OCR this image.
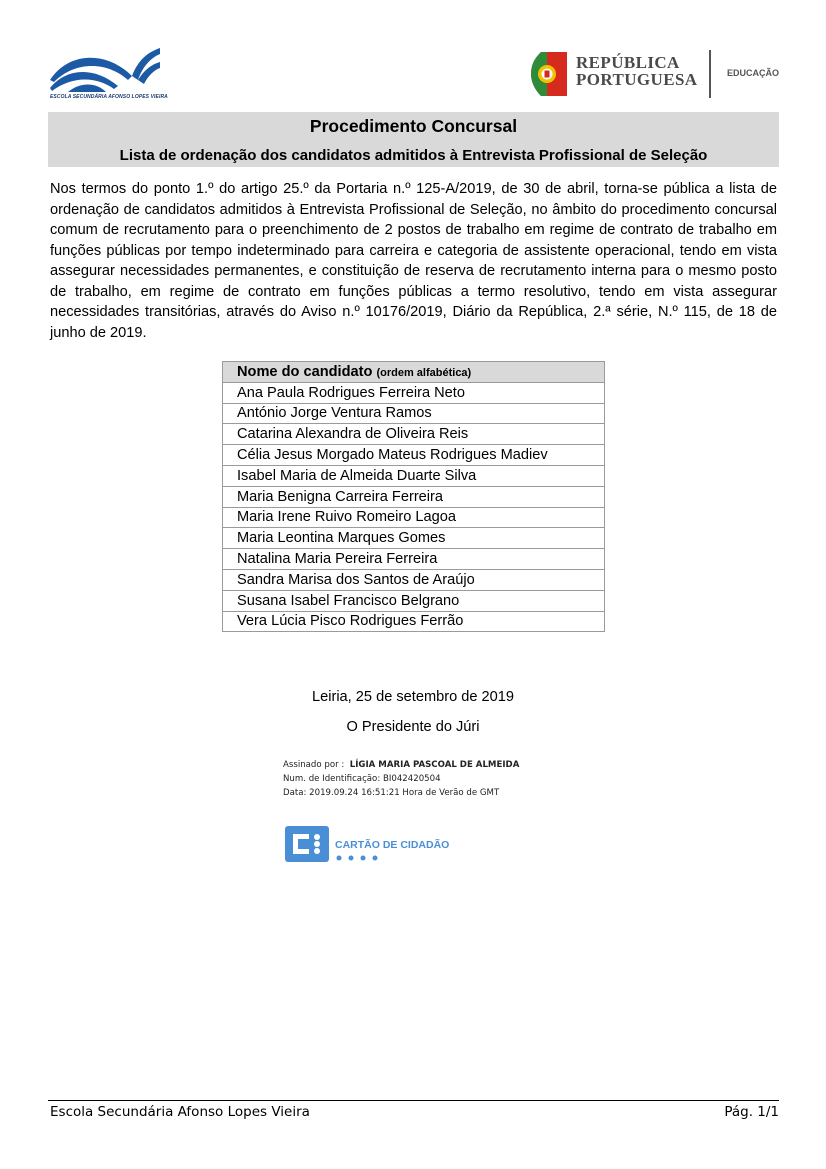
ESCOLA SECUNDÁRIA AFONSO LOPES VIEIRA
REPÚBLICA
PORTUGUESA	EDUCAÇÃO
Procedimento Concursal
Lista de ordenação dos candidatos admitidos à Entrevista Profissional de Seleção
Nos termos do ponto 1.º do artigo 25.º da Portaria n.º 125-A/2019, de 30 de abril, torna-se pública a lista de ordenação de candidatos admitidos à Entrevista Profissional de Seleção, no âmbito do procedimento concursal comum de recrutamento para o preenchimento de 2 postos de trabalho em regime de contrato de trabalho em funções públicas por tempo indeterminado para carreira e categoria de assistente operacional, tendo em vista assegurar necessidades permanentes, e constituição de reserva de recrutamento interna para o mesmo posto de trabalho, em regime de contrato em funções públicas a termo resolutivo, tendo em vista assegurar necessidades transitórias, através do Aviso n.º 10176/2019, Diário da República, 2.ª série, N.º 115, de 18 de junho de 2019.
Nome do candidato (ordem alfabética)
Ana Paula Rodrigues Ferreira Neto
António Jorge Ventura Ramos
Catarina Alexandra de Oliveira Reis
Célia Jesus Morgado Mateus Rodrigues Madiev
Isabel Maria de Almeida Duarte Silva
Maria Benigna Carreira Ferreira
Maria Irene Ruivo Romeiro Lagoa
Maria Leontina Marques Gomes
Natalina Maria Pereira Ferreira
Sandra Marisa dos Santos de Araújo
Susana Isabel Francisco Belgrano
Vera Lúcia Pisco Rodrigues Ferrão
Leiria, 25 de setembro de 2019
O Presidente do Júri
Assinado por : LÍGIA MARIA PASCOAL DE ALMEIDA
Num. de Identificação: BI042420504
Data: 2019.09.24 16:51:21 Hora de Verão de GMT
CARTÃO DE CIDADÃO
Escola Secundária Afonso Lopes Vieira	Pág. 1/1
